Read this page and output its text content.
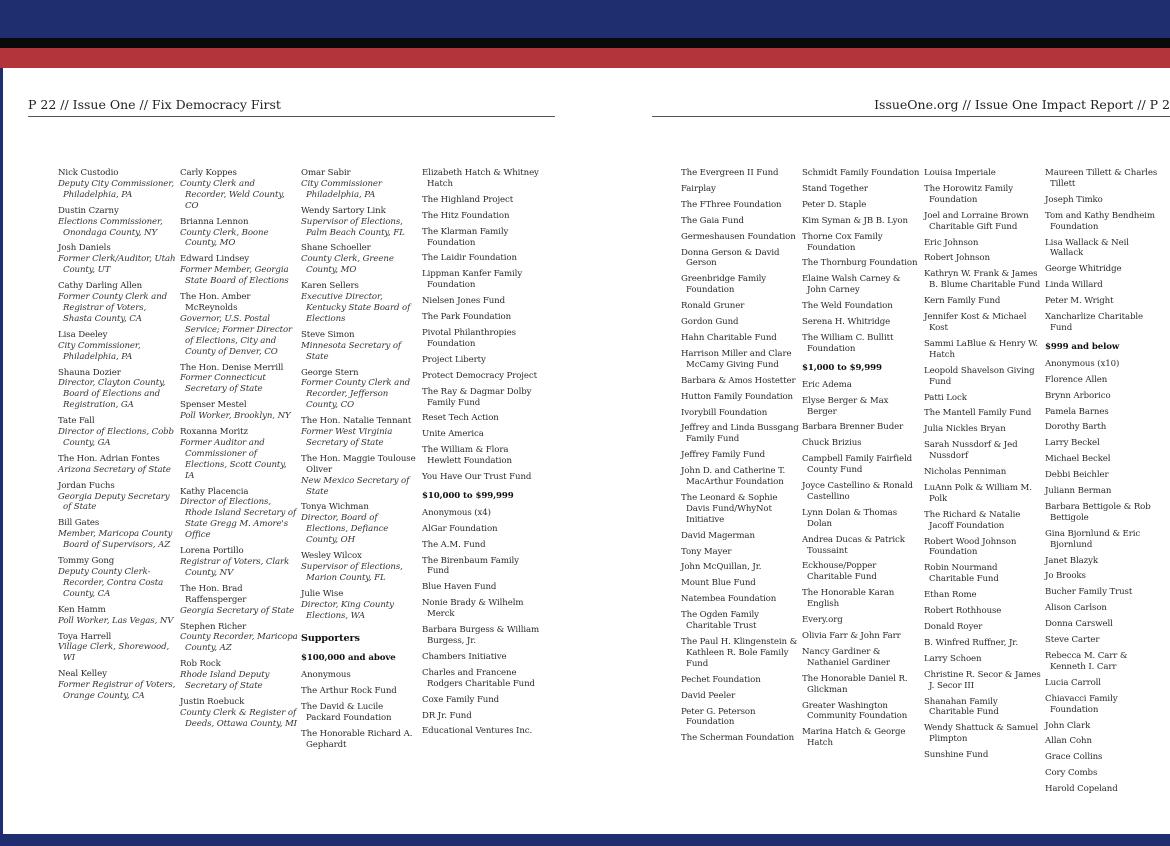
P 22 // Issue One // Fix Democracy First	IssueOne.org // Issue One Impact Report // P 2
Nick Custodio
Deputy City Commissioner, Philadelphia, PA
Dustin Czarny
Elections Commissioner, Onondaga County, NY
Josh Daniels
Former Clerk/Auditor, Utah County, UT
Cathy Darling Allen
Former County Clerk and Registrar of Voters, Shasta County, CA
Lisa Deeley
City Commissioner, Philadelphia, PA
Shauna Dozier
Director, Clayton County, Board of Elections and Registration, GA
Tate Fall
Director of Elections, Cobb County, GA
The Hon. Adrian Fontes
Arizona Secretary of State
Jordan Fuchs
Georgia Deputy Secretary of State
Bill Gates
Member, Maricopa County Board of Supervisors, AZ
Tommy Gong
Deputy County Clerk-Recorder, Contra Costa County, CA
Ken Hamm
Poll Worker, Las Vegas, NV
Toya Harrell
Village Clerk, Shorewood, WI
Neal Kelley
Former Registrar of Voters, Orange County, CA
Carly Koppes
County Clerk and Recorder, Weld County, CO
Brianna Lennon
County Clerk, Boone County, MO
Edward Lindsey
Former Member, Georgia State Board of Elections
The Hon. Amber McReynolds
Governor, U.S. Postal Service; Former Director of Elections, City and County of Denver, CO
The Hon. Denise Merrill
Former Connecticut Secretary of State
Spenser Mestel
Poll Worker, Brooklyn, NY
Roxanna Moritz
Former Auditor and Commissioner of Elections, Scott County, IA
Kathy Placencia
Director of Elections, Rhode Island Secretary of State Gregg M. Amore's Office
Lorena Portillo
Registrar of Voters, Clark County, NV
The Hon. Brad Raffensperger
Georgia Secretary of State
Stephen Richer
County Recorder, Maricopa County, AZ
Rob Rock
Rhode Island Deputy Secretary of State
Justin Roebuck
County Clerk & Register of Deeds, Ottawa County, MI
Omar Sabir
City Commissioner Philadelphia, PA
Wendy Sartory Link
Supervisor of Elections, Palm Beach County, FL
Shane Schoeller
County Clerk, Greene County, MO
Karen Sellers
Executive Director, Kentucky State Board of Elections
Steve Simon
Minnesota Secretary of State
George Stern
Former County Clerk and Recorder, Jefferson County, CO
The Hon. Natalie Tennant
Former West Virginia Secretary of State
The Hon. Maggie Toulouse Oliver
New Mexico Secretary of State
Tonya Wichman
Director, Board of Elections, Defiance County, OH
Wesley Wilcox
Supervisor of Elections, Marion County, FL
Julie Wise
Director, King County Elections, WA
Supporters
$100,000 and above
Anonymous
The Arthur Rock Fund
The David & Lucile Packard Foundation
The Honorable Richard A. Gephardt
Elizabeth Hatch & Whitney Hatch
The Highland Project
The Hitz Foundation
The Klarman Family Foundation
The Laidir Foundation
Lippman Kanfer Family Foundation
Nielsen Jones Fund
The Park Foundation
Pivotal Philanthropies Foundation
Project Liberty
Protect Democracy Project
The Ray & Dagmar Dolby Family Fund
Reset Tech Action
Unite America
The William & Flora Hewlett Foundation
You Have Our Trust Fund
$10,000 to $99,999
Anonymous (x4)
AlGar Foundation
The A.M. Fund
The Birenbaum Family Fund
Blue Haven Fund
Nonie Brady & Wilhelm Merck
Barbara Burgess & William Burgess, Jr.
Chambers Initiative
Charles and Francene Rodgers Charitable Fund
Coxe Family Fund
DR Jr. Fund
Educational Ventures Inc.
The Evergreen II Fund
Fairplay
The FThree Foundation
The Gaia Fund
Germeshausen Foundation
Donna Gerson & David Gerson
Greenbridge Family Foundation
Ronald Gruner
Gordon Gund
Hahn Charitable Fund
Harrison Miller and Clare McCamy Giving Fund
Barbara & Amos Hostetter
Hutton Family Foundation
Ivorybill Foundation
Jeffrey and Linda Bussgang Family Fund
Jeffrey Family Fund
John D. and Catherine T. MacArthur Foundation
The Leonard & Sophie Davis Fund/WhyNot Initiative
David Magerman
Tony Mayer
John McQuillan, Jr.
Mount Blue Fund
Natembea Foundation
The Ogden Family Charitable Trust
The Paul H. Klingenstein & Kathleen R. Bole Family Fund
Pechet Foundation
David Peeler
Peter G. Peterson Foundation
The Scherman Foundation
Schmidt Family Foundation
Stand Together
Peter D. Staple
Kim Syman & JB B. Lyon
Thorne Cox Family Foundation
The Thornburg Foundation
Elaine Walsh Carney & John Carney
The Weld Foundation
Serena H. Whitridge
The William C. Bullitt Foundation
$1,000 to $9,999
Eric Adema
Elyse Berger & Max Berger
Barbara Brenner Buder
Chuck Brizius
Campbell Family Fairfield County Fund
Joyce Castellino & Ronald Castellino
Lynn Dolan & Thomas Dolan
Andrea Ducas & Patrick Toussaint
Eckhouse/Popper Charitable Fund
The Honorable Karan English
Every.org
Olivia Farr & John Farr
Nancy Gardiner & Nathaniel Gardiner
The Honorable Daniel R. Glickman
Greater Washington Community Foundation
Marina Hatch & George Hatch
Louisa Imperiale
The Horowitz Family Foundation
Joel and Lorraine Brown Charitable Gift Fund
Eric Johnson
Robert Johnson
Kathryn W. Frank & James B. Blume Charitable Fund
Kern Family Fund
Jennifer Kost & Michael Kost
Sammi LaBlue & Henry W. Hatch
Leopold Shavelson Giving Fund
Patti Lock
The Mantell Family Fund
Julia Nickles Bryan
Sarah Nussdorf & Jed Nussdorf
Nicholas Penniman
LuAnn Polk & William M. Polk
The Richard & Natalie Jacoff Foundation
Robert Wood Johnson Foundation
Robin Nourmand Charitable Fund
Ethan Rome
Robert Rothhouse
Donald Royer
B. Winfred Ruffner, Jr.
Larry Schoen
Christine R. Secor & James J. Secor III
Shanahan Family Charitable Fund
Wendy Shattuck & Samuel Plimpton
Sunshine Fund
Maureen Tillett & Charles Tillett
Joseph Timko
Tom and Kathy Bendheim Foundation
Lisa Wallack & Neil Wallack
George Whitridge
Linda Willard
Peter M. Wright
Xancharlize Charitable Fund
$999 and below
Anonymous (x10)
Florence Allen
Brynn Arborico
Pamela Barnes
Dorothy Barth
Larry Beckel
Michael Beckel
Debbi Beichler
Juliann Berman
Barbara Bettigole & Rob Bettigole
Gina Bjornlund & Eric Bjornlund
Janet Blazyk
Jo Brooks
Bucher Family Trust
Alison Carlson
Donna Carswell
Steve Carter
Rebecca M. Carr & Kenneth I. Carr
Lucia Carroll
Chiavacci Family Foundation
John Clark
Allan Cohn
Grace Collins
Cory Combs
Harold Copeland
